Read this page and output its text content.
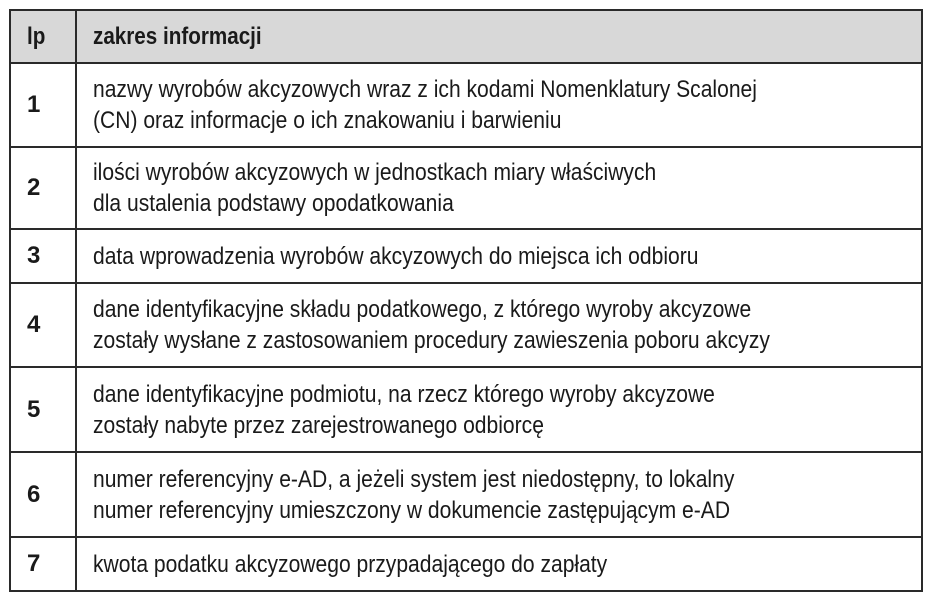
lp	zakres informacji
1	nazwy wyrobów akcyzowych wraz z ich kodami Nomenklatury Scalonej
(CN) oraz informacje o ich znakowaniu i barwieniu

2	ilości wyrobów akcyzowych w jednostkach miary właściwych
dla ustalenia podstawy opodatkowania

3	data wprowadzenia wyrobów akcyzowych do miejsca ich odbioru

4	dane identyfikacyjne składu podatkowego, z którego wyroby akcyzowe
zostały wysłane z zastosowaniem procedury zawieszenia poboru akcyzy

5	dane identyfikacyjne podmiotu, na rzecz którego wyroby akcyzowe
zostały nabyte przez zarejestrowanego odbiorcę

6	numer referencyjny e-AD, a jeżeli system jest niedostępny, to lokalny
numer referencyjny umieszczony w dokumencie zastępującym e-AD

7	kwota podatku akcyzowego przypadającego do zapłaty
